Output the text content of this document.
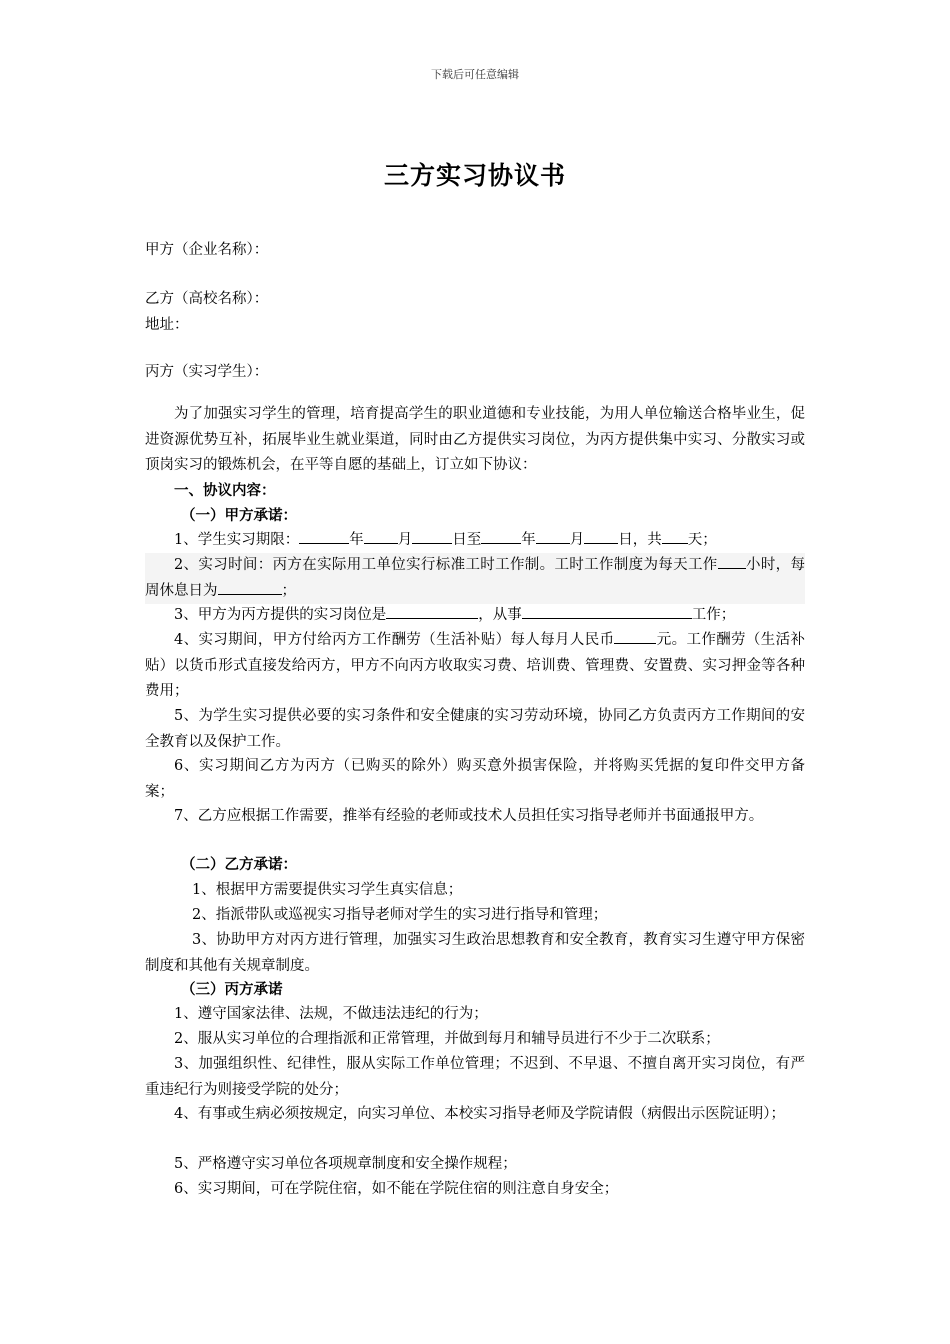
下载后可任意编辑
三方实习协议书
甲方（企业名称）：
乙方（高校名称）：
地址：
丙方（实习学生）：
为了加强实习学生的管理，培育提高学生的职业道德和专业技能，为用人单位输送合格毕业生，促进资源优势互补，拓展毕业生就业渠道，同时由乙方提供实习岗位，为丙方提供集中实习、分散实习或顶岗实习的锻炼机会，在平等自愿的基础上，订立如下协议：
一、协议内容：
（一）甲方承诺：
1、学生实习期限：	年 月	日至	年 月 日，共 天；
2、实习时间：丙方在实际用工单位实行标准工时工作制。工时工作制度为每天工作 小时，每周休息日为	；
3、甲方为丙方提供的实习岗位是	，从事	工作；
4、实习期间，甲方付给丙方工作酬劳（生活补贴）每人每月人民币	元。工作酬劳（生活补贴）以货币形式直接发给丙方，甲方不向丙方收取实习费、培训费、管理费、安置费、实习押金等各种费用；
5、为学生实习提供必要的实习条件和安全健康的实习劳动环境，协同乙方负责丙方工作期间的安全教育以及保护工作。
6、实习期间乙方为丙方（已购买的除外）购买意外损害保险，并将购买凭据的复印件交甲方备案；
7、乙方应根据工作需要，推举有经验的老师或技术人员担任实习指导老师并书面通报甲方。
（二）乙方承诺：
1、根据甲方需要提供实习学生真实信息；
2、指派带队或巡视实习指导老师对学生的实习进行指导和管理；
3、协助甲方对丙方进行管理，加强实习生政治思想教育和安全教育，教育实习生遵守甲方保密制度和其他有关规章制度。
（三）丙方承诺
1、遵守国家法律、法规，不做违法违纪的行为；
2、服从实习单位的合理指派和正常管理，并做到每月和辅导员进行不少于二次联系；
3、加强组织性、纪律性，服从实际工作单位管理；不迟到、不早退、不擅自离开实习岗位，有严重违纪行为则接受学院的处分；
4、有事或生病必须按规定，向实习单位、本校实习指导老师及学院请假（病假出示医院证明）；
5、严格遵守实习单位各项规章制度和安全操作规程；
6、实习期间，可在学院住宿，如不能在学院住宿的则注意自身安全；
